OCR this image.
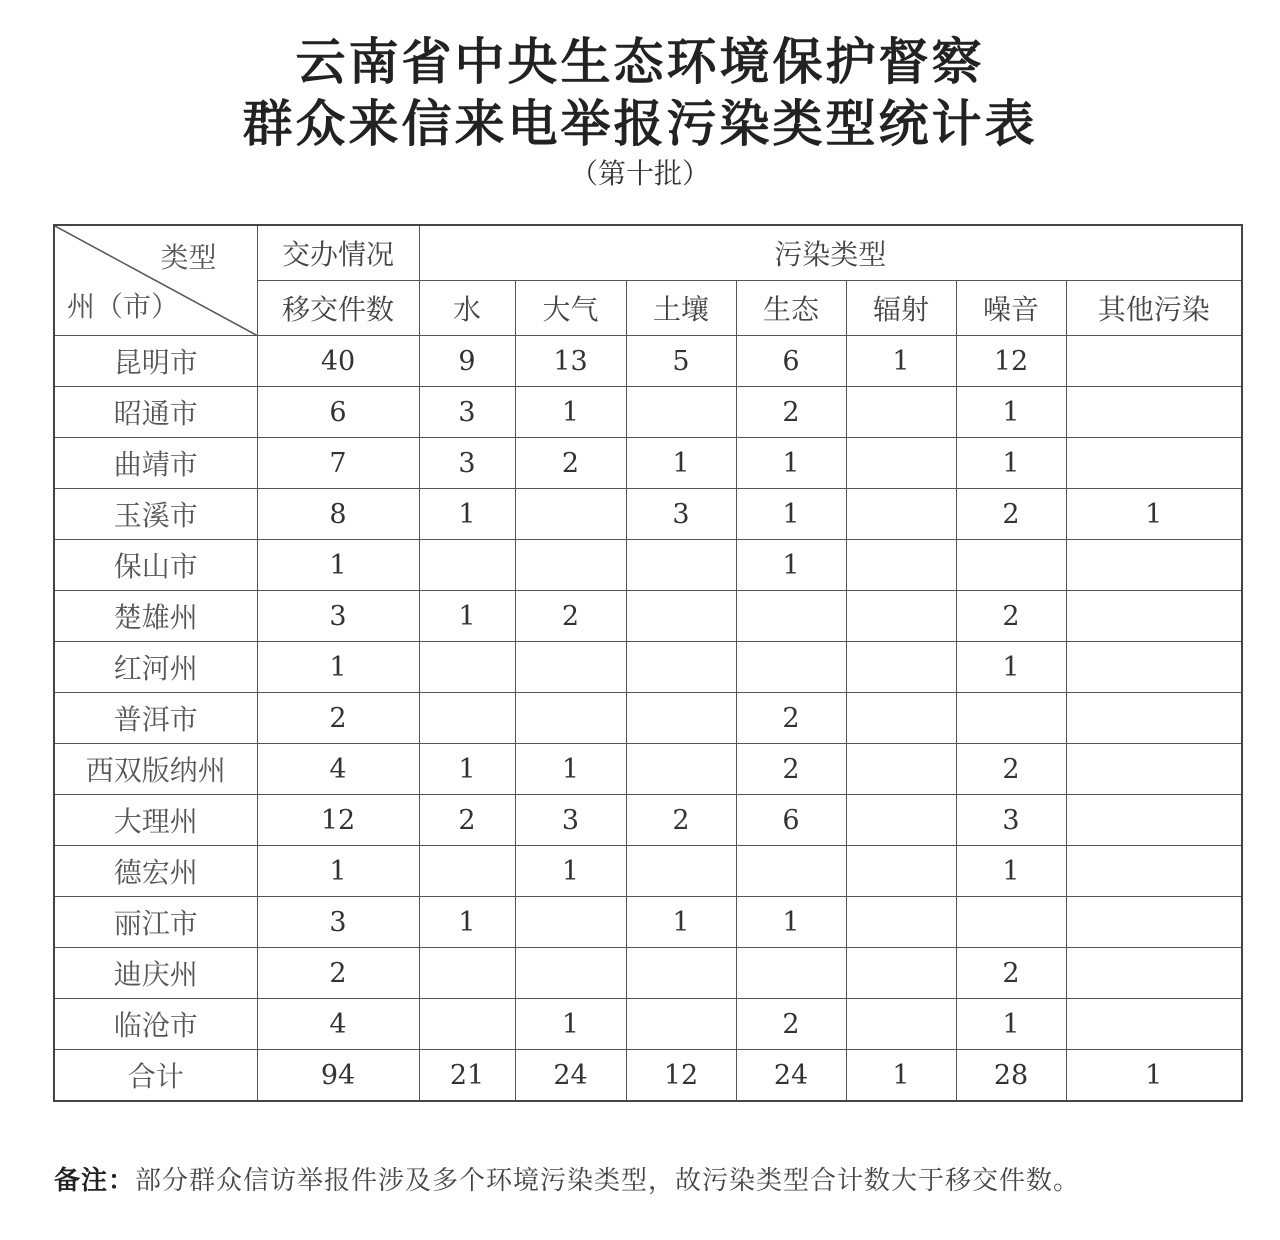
云南省中央生态环境保护督察
群众来信来电举报污染类型统计表
（第十批）
类型
州（市）	交办情况	污染类型						
	移交件数	水	大气	土壤	生态	辐射	噪音	其他污染
昆明市	40	9	13	5	6	1	12	
昭通市	6	3	1		2		1	
曲靖市	7	3	2	1	1		1	
玉溪市	8	1		3	1		2	1
保山市	1				1			
楚雄州	3	1	2				2	
红河州	1						1	
普洱市	2				2			
西双版纳州	4	1	1		2		2	
大理州	12	2	3	2	6		3	
德宏州	1		1				1	
丽江市	3	1		1	1			
迪庆州	2						2	
临沧市	4		1		2		1	
合计	94	21	24	12	24	1	28	1
备注：部分群众信访举报件涉及多个环境污染类型，故污染类型合计数大于移交件数。
